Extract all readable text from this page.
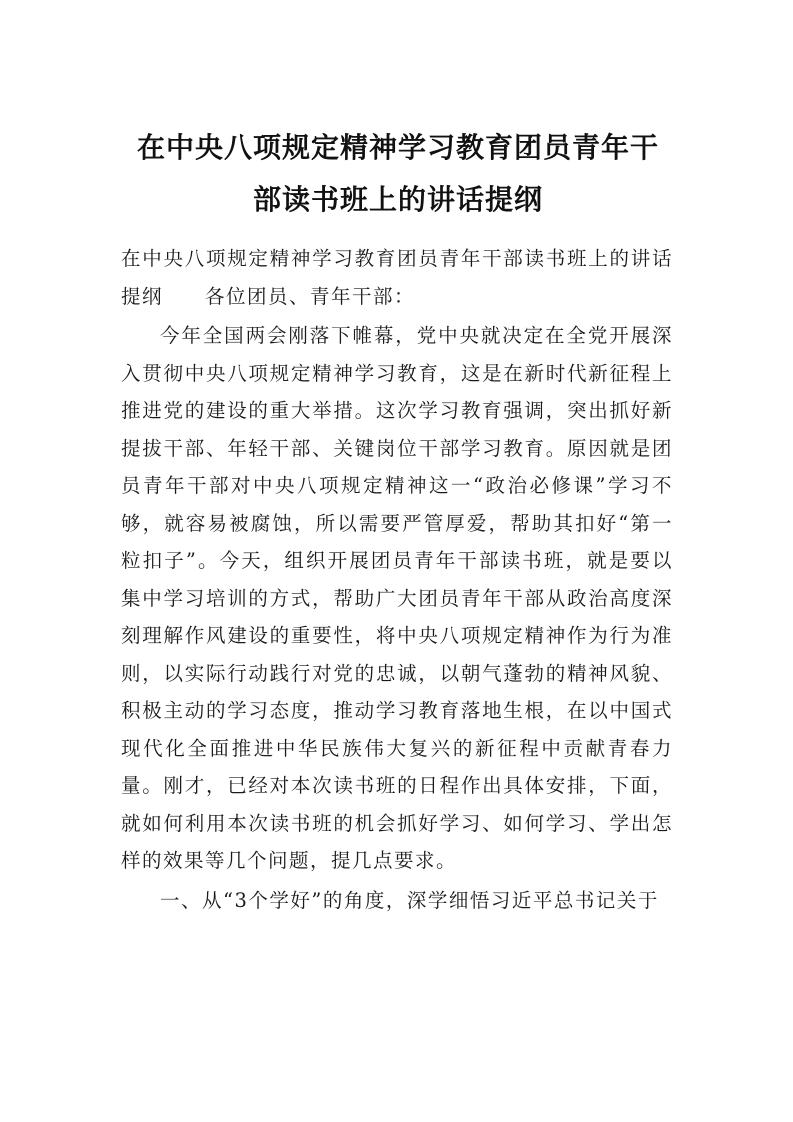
在中央八项规定精神学习教育团员青年干
部读书班上的讲话提纲

在中央八项规定精神学习教育团员青年干部读书班上的讲话提纲 各位团员、青年干部：

今年全国两会刚落下帷幕，党中央就决定在全党开展深入贯彻中央八项规定精神学习教育，这是在新时代新征程上推进党的建设的重大举措。这次学习教育强调，突出抓好新提拔干部、年轻干部、关键岗位干部学习教育。原因就是团员青年干部对中央八项规定精神这一“政治必修课”学习不够，就容易被腐蚀，所以需要严管厚爱，帮助其扣好“第一粒扣子”。今天，组织开展团员青年干部读书班，就是要以集中学习培训的方式，帮助广大团员青年干部从政治高度深刻理解作风建设的重要性，将中央八项规定精神作为行为准则，以实际行动践行对党的忠诚，以朝气蓬勃的精神风貌、积极主动的学习态度，推动学习教育落地生根，在以中国式现代化全面推进中华民族伟大复兴的新征程中贡献青春力量。刚才，已经对本次读书班的日程作出具体安排，下面，就如何利用本次读书班的机会抓好学习、如何学习、学出怎样的效果等几个问题，提几点要求。

一、从“3个学好”的角度，深学细悟习近平总书记关于
